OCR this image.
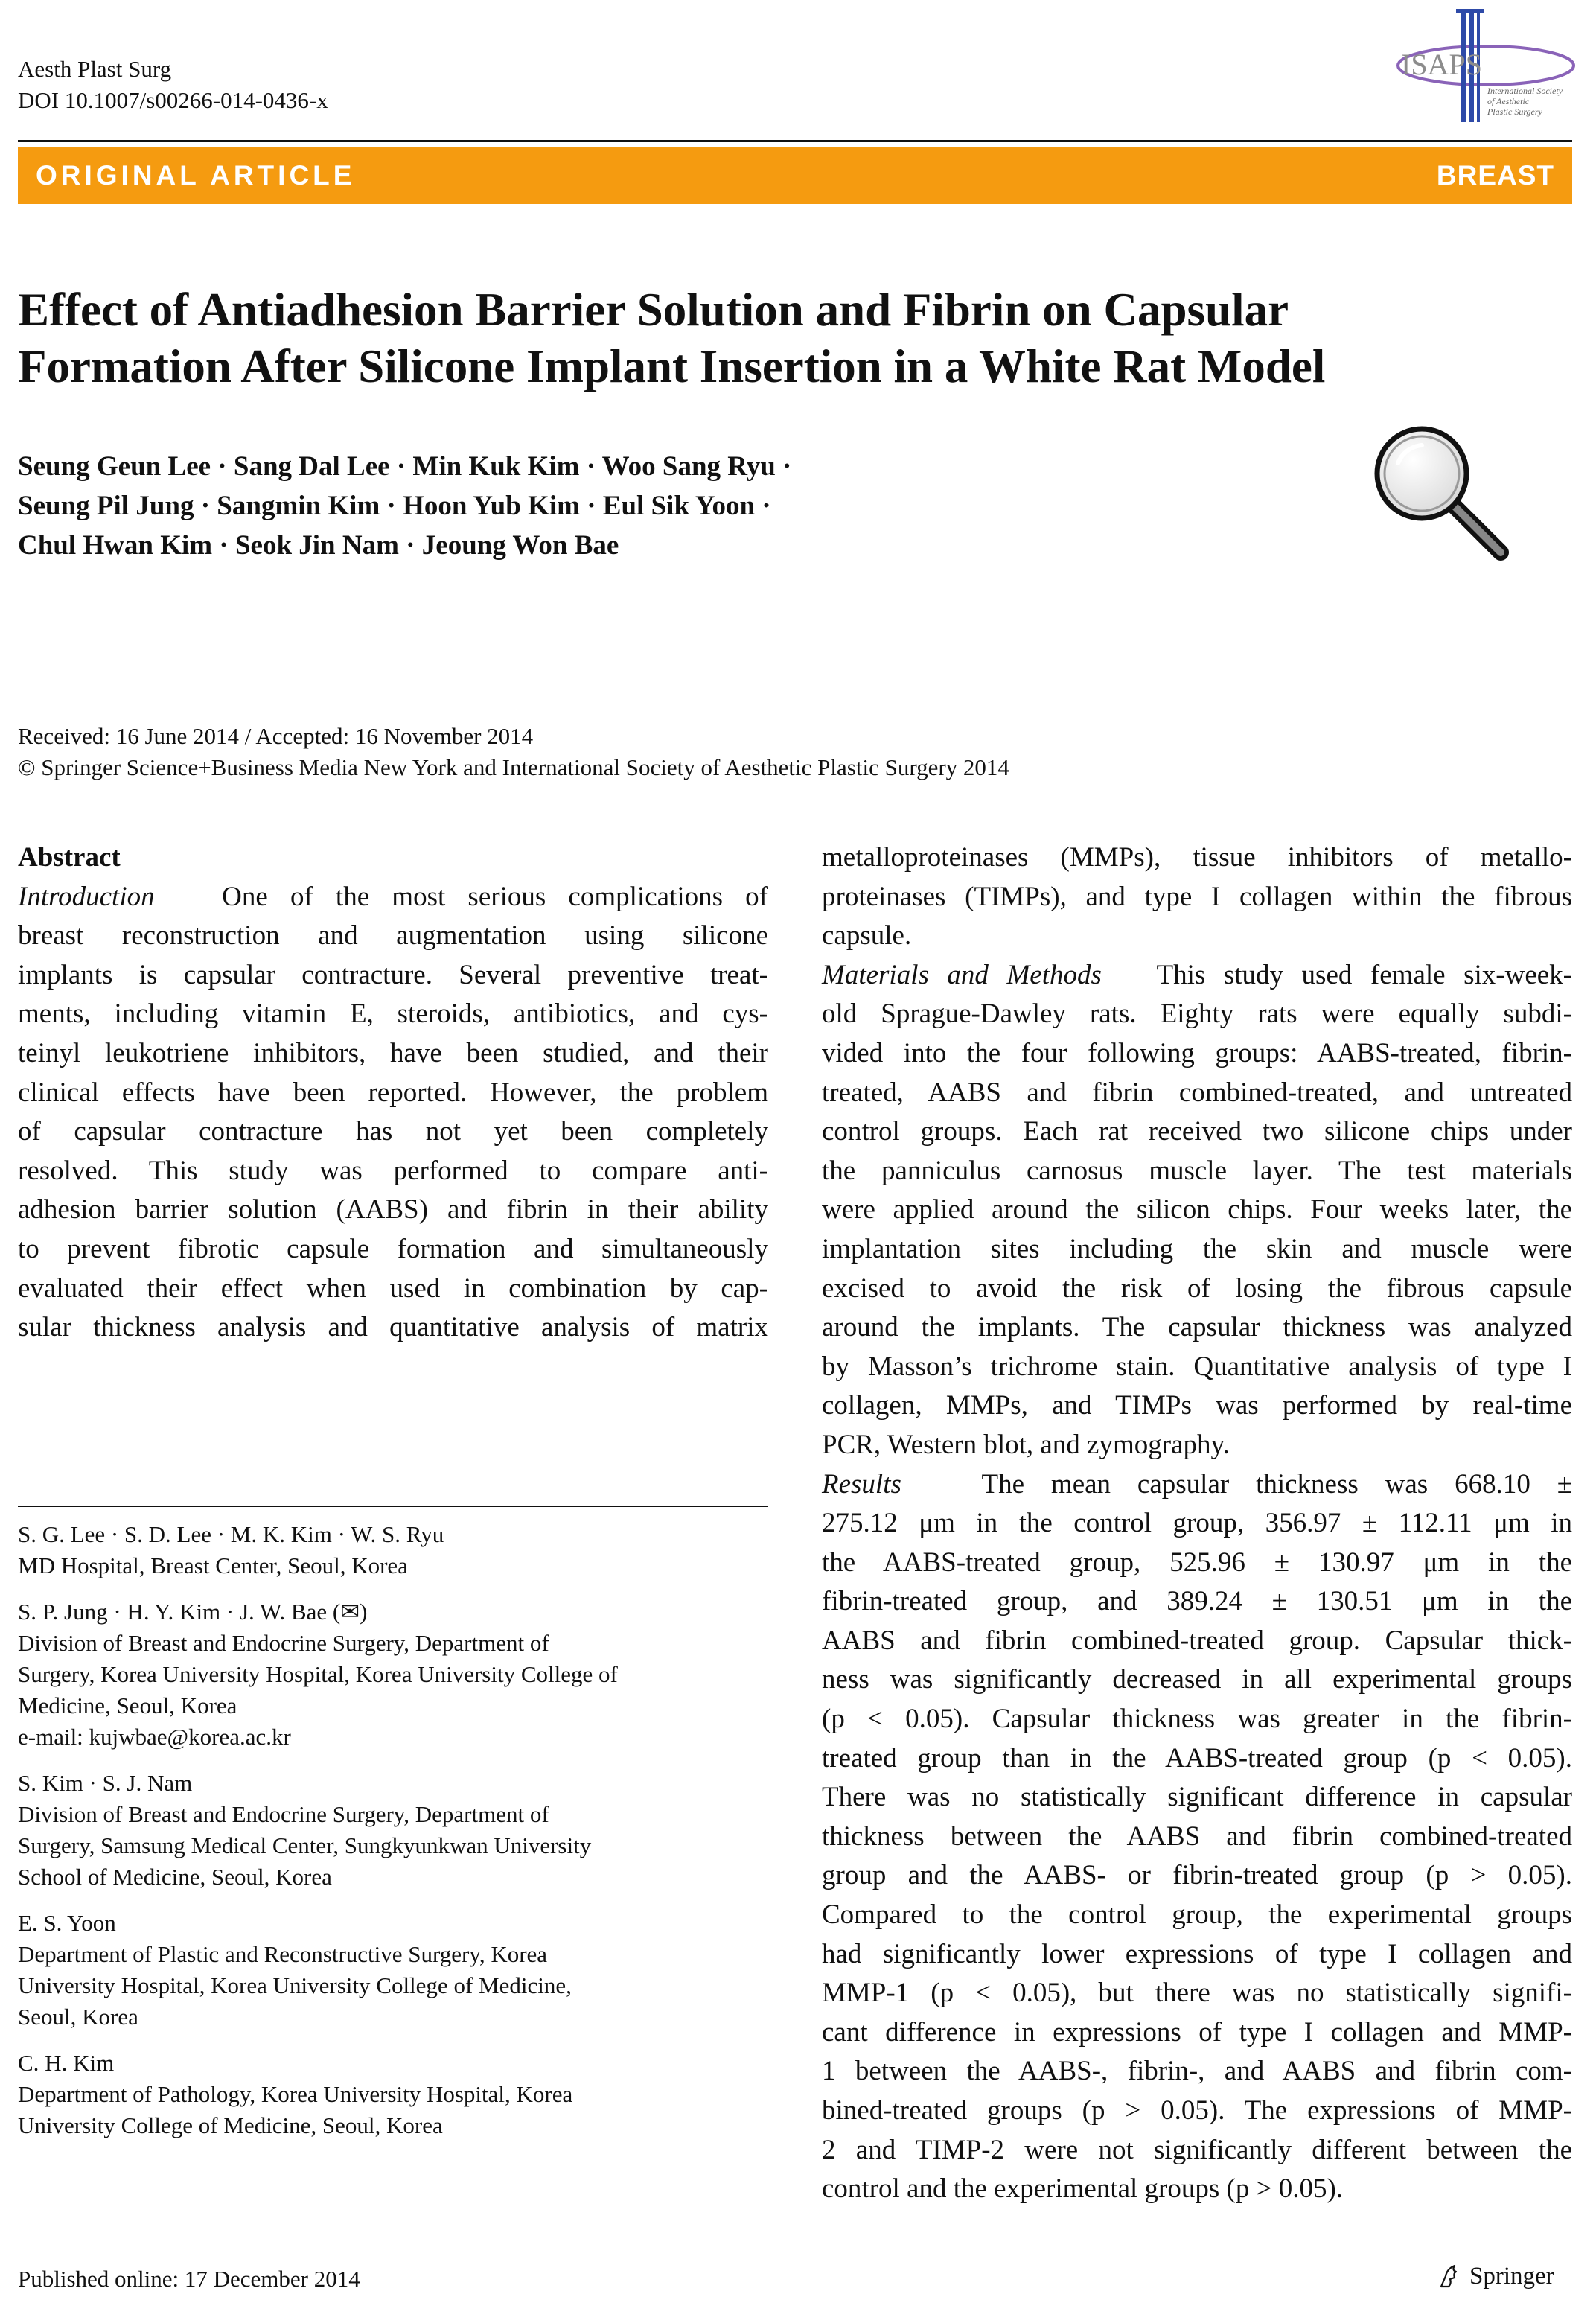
Aesth Plast Surg
DOI 10.1007/s00266-014-0436-x
ISAPS
International Society
of Aesthetic
Plastic Surgery
ORIGINAL ARTICLE	BREAST
Effect of Antiadhesion Barrier Solution and Fibrin on Capsular
Formation After Silicone Implant Insertion in a White Rat Model
Seung Geun Lee · Sang Dal Lee · Min Kuk Kim · Woo Sang Ryu ·
Seung Pil Jung · Sangmin Kim · Hoon Yub Kim · Eul Sik Yoon ·
Chul Hwan Kim · Seok Jin Nam · Jeoung Won Bae
Received: 16 June 2014 / Accepted: 16 November 2014
© Springer Science+Business Media New York and International Society of Aesthetic Plastic Surgery 2014
Abstract
Introduction One of the most serious complications of
breast reconstruction and augmentation using silicone
implants is capsular contracture. Several preventive treat-
ments, including vitamin E, steroids, antibiotics, and cys-
teinyl leukotriene inhibitors, have been studied, and their
clinical effects have been reported. However, the problem
of capsular contracture has not yet been completely
resolved. This study was performed to compare anti-
adhesion barrier solution (AABS) and fibrin in their ability
to prevent fibrotic capsule formation and simultaneously
evaluated their effect when used in combination by cap-
sular thickness analysis and quantitative analysis of matrix
S. G. Lee · S. D. Lee · M. K. Kim · W. S. Ryu
MD Hospital, Breast Center, Seoul, Korea
S. P. Jung · H. Y. Kim · J. W. Bae (✉)
Division of Breast and Endocrine Surgery, Department of
Surgery, Korea University Hospital, Korea University College of
Medicine, Seoul, Korea
e-mail: kujwbae@korea.ac.kr
S. Kim · S. J. Nam
Division of Breast and Endocrine Surgery, Department of
Surgery, Samsung Medical Center, Sungkyunkwan University
School of Medicine, Seoul, Korea
E. S. Yoon
Department of Plastic and Reconstructive Surgery, Korea
University Hospital, Korea University College of Medicine,
Seoul, Korea
C. H. Kim
Department of Pathology, Korea University Hospital, Korea
University College of Medicine, Seoul, Korea
metalloproteinases (MMPs), tissue inhibitors of metallo-
proteinases (TIMPs), and type I collagen within the fibrous
capsule.
Materials and Methods This study used female six-week-
old Sprague-Dawley rats. Eighty rats were equally subdi-
vided into the four following groups: AABS-treated, fibrin-
treated, AABS and fibrin combined-treated, and untreated
control groups. Each rat received two silicone chips under
the panniculus carnosus muscle layer. The test materials
were applied around the silicon chips. Four weeks later, the
implantation sites including the skin and muscle were
excised to avoid the risk of losing the fibrous capsule
around the implants. The capsular thickness was analyzed
by Masson’s trichrome stain. Quantitative analysis of type I
collagen, MMPs, and TIMPs was performed by real-time
PCR, Western blot, and zymography.
Results	The mean capsular thickness was 668.10 ±
275.12 μm in the control group, 356.97 ± 112.11 μm in
the AABS-treated group, 525.96 ± 130.97 μm in the
fibrin-treated group, and 389.24 ± 130.51 μm in the
AABS and fibrin combined-treated group. Capsular thick-
ness was significantly decreased in all experimental groups
(p < 0.05). Capsular thickness was greater in the fibrin-
treated group than in the AABS-treated group (p < 0.05).
There was no statistically significant difference in capsular
thickness between the AABS and fibrin combined-treated
group and the AABS- or fibrin-treated group (p > 0.05).
Compared to the control group, the experimental groups
had significantly lower expressions of type I collagen and
MMP-1 (p < 0.05), but there was no statistically signifi-
cant difference in expressions of type I collagen and MMP-
1 between the AABS-, fibrin-, and AABS and fibrin com-
bined-treated groups (p > 0.05). The expressions of MMP-
2 and TIMP-2 were not significantly different between the
control and the experimental groups (p > 0.05).
Published online: 17 December 2014	Springer
